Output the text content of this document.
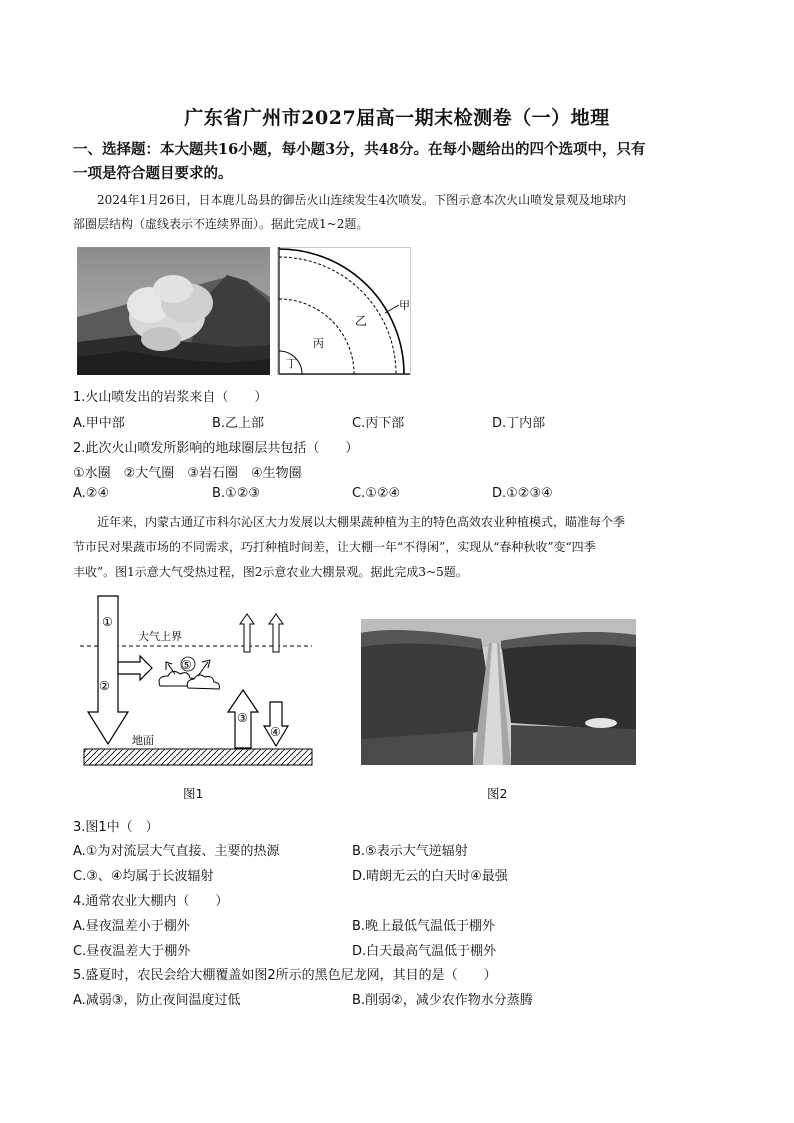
广东省广州市2027届高一期末检测卷（一）地理
一、选择题：本大题共16小题，每小题3分，共48分。在每小题给出的四个选项中，只有
一项是符合题目要求的。
2024年1月26日，日本鹿儿岛县的御岳火山连续发生4次喷发。下图示意本次火山喷发景观及地球内
部圈层结构（虚线表示不连续界面）。据此完成1~2题。
甲
乙
丙
丁
1.火山喷发出的岩浆来自（　　）
A.甲中部	B.乙上部	C.丙下部	D.丁内部
2.此次火山喷发所影响的地球圈层共包括（　　）
①水圈　②大气圈　③岩石圈　④生物圈
A.②④	B.①②③	C.①②④	D.①②③④
近年来，内蒙古通辽市科尔沁区大力发展以大棚果蔬种植为主的特色高效农业种植模式，瞄准每个季
节市民对果蔬市场的不同需求，巧打种植时间差，让大棚一年“不得闲”，实现从“春种秋收”变“四季
丰收”。图1示意大气受热过程，图2示意农业大棚景观。据此完成3~5题。
大气上界
①
②
⑤
③
④
地面
图1	图2
3.图1中（　）
A.①为对流层大气直接、主要的热源	B.⑤表示大气逆辐射
C.③、④均属于长波辐射	D.晴朗无云的白天时④最强
4.通常农业大棚内（　　）
A.昼夜温差小于棚外	B.晚上最低气温低于棚外
C.昼夜温差大于棚外	D.白天最高气温低于棚外
5.盛夏时，农民会给大棚覆盖如图2所示的黑色尼龙网，其目的是（　　）
A.减弱③，防止夜间温度过低	B.削弱②，减少农作物水分蒸腾
